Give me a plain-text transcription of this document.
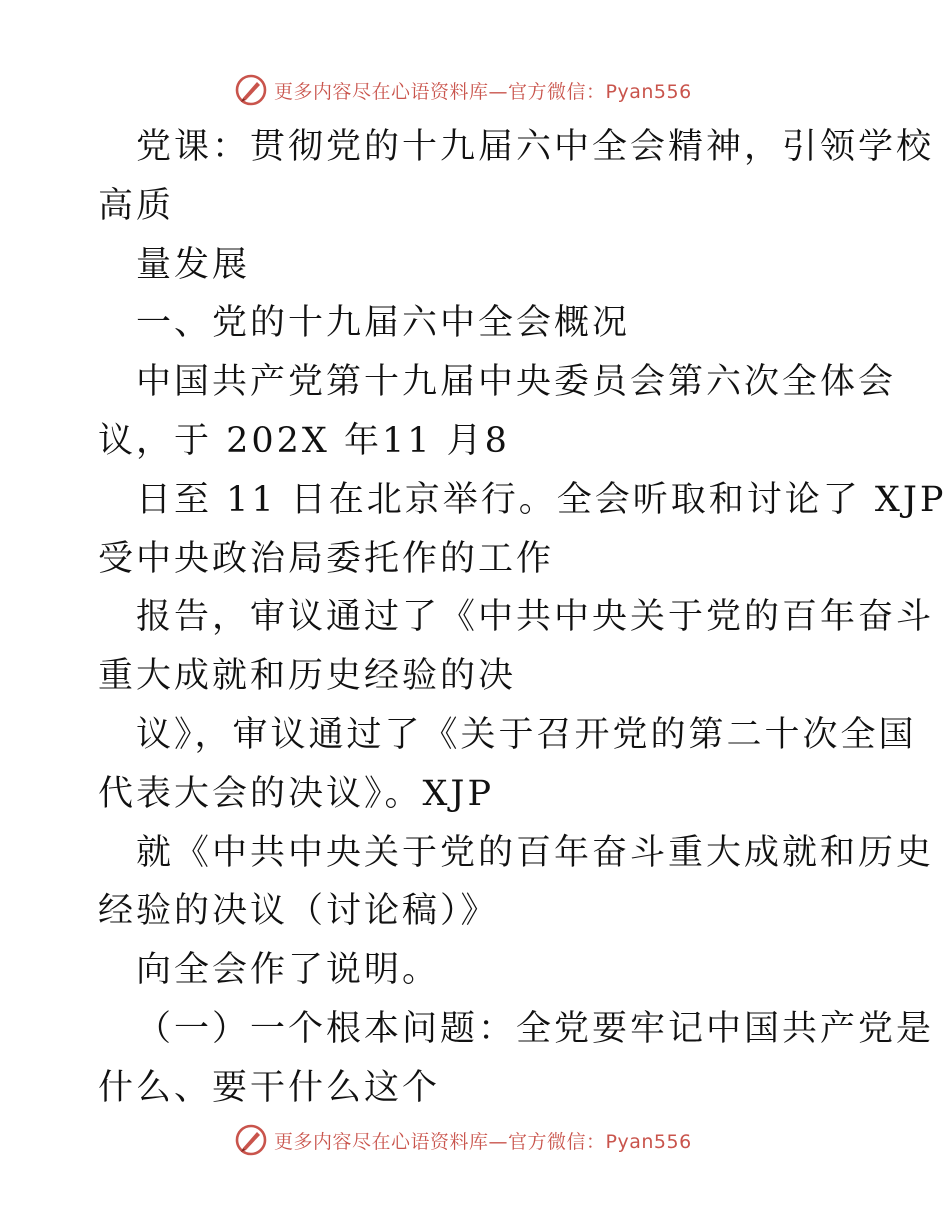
更多内容尽在心语资料库—官方微信：Pyan556
党课：贯彻党的十九届六中全会精神，引领学校
高质
量发展
一、党的十九届六中全会概况
中国共产党第十九届中央委员会第六次全体会
议，于 202X 年11 月8
日至 11 日在北京举行。全会听取和讨论了 XJP
受中央政治局委托作的工作
报告，审议通过了《中共中央关于党的百年奋斗
重大成就和历史经验的决
议》，审议通过了《关于召开党的第二十次全国
代表大会的决议》。XJP
就《中共中央关于党的百年奋斗重大成就和历史
经验的决议（讨论稿）》
向全会作了说明。
（一）一个根本问题：全党要牢记中国共产党是
什么、要干什么这个
更多内容尽在心语资料库—官方微信：Pyan556
